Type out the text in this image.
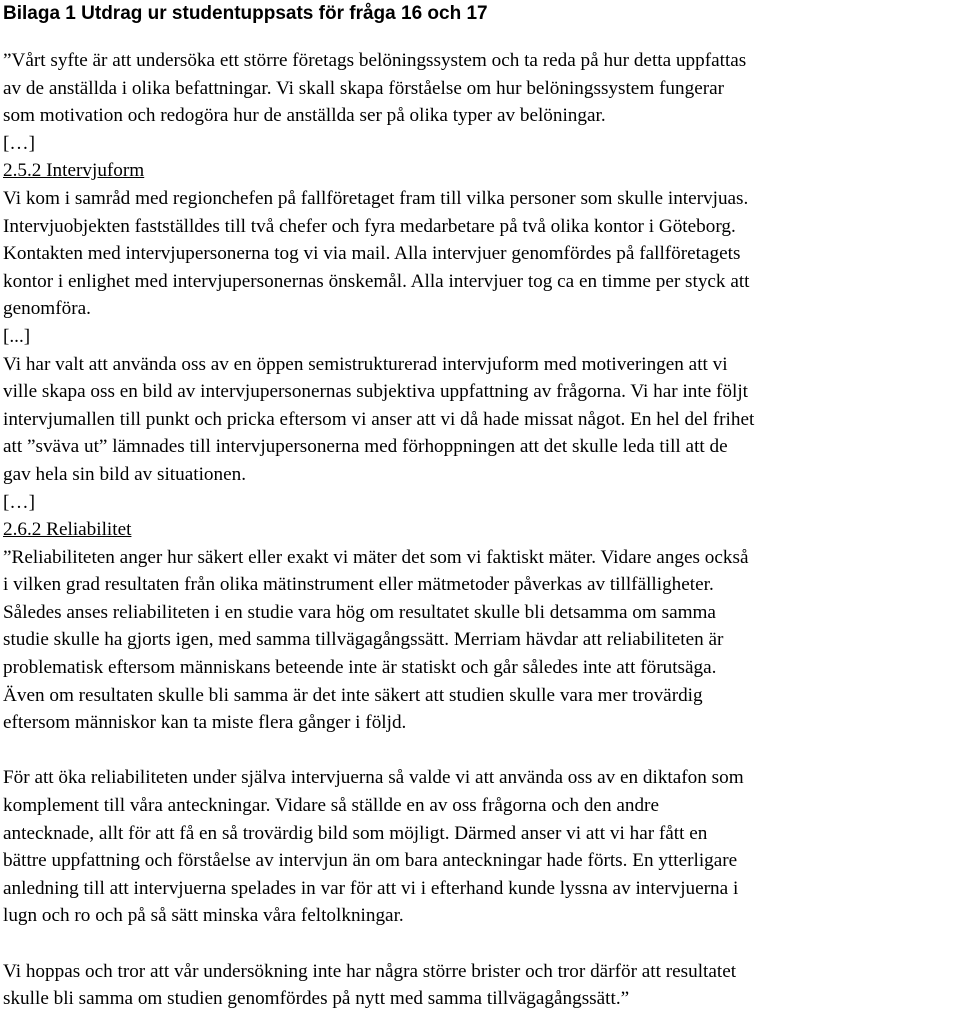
Bilaga 1 Utdrag ur studentuppsats för fråga 16 och 17
”Vårt syfte är att undersöka ett större företags belöningssystem och ta reda på hur detta uppfattas
av de anställda i olika befattningar. Vi skall skapa förståelse om hur belöningssystem fungerar
som motivation och redogöra hur de anställda ser på olika typer av belöningar.
[…]
2.5.2 Intervjuform
Vi kom i samråd med regionchefen på fallföretaget fram till vilka personer som skulle intervjuas.
Intervjuobjekten fastställdes till två chefer och fyra medarbetare på två olika kontor i Göteborg.
Kontakten med intervjupersonerna tog vi via mail. Alla intervjuer genomfördes på fallföretagets
kontor i enlighet med intervjupersonernas önskemål. Alla intervjuer tog ca en timme per styck att
genomföra.
[...]
Vi har valt att använda oss av en öppen semistrukturerad intervjuform med motiveringen att vi
ville skapa oss en bild av intervjupersonernas subjektiva uppfattning av frågorna. Vi har inte följt
intervjumallen till punkt och pricka eftersom vi anser att vi då hade missat något. En hel del frihet
att ”sväva ut” lämnades till intervjupersonerna med förhoppningen att det skulle leda till att de
gav hela sin bild av situationen.
[…]
2.6.2 Reliabilitet
”Reliabiliteten anger hur säkert eller exakt vi mäter det som vi faktiskt mäter. Vidare anges också
i vilken grad resultaten från olika mätinstrument eller mätmetoder påverkas av tillfälligheter.
Således anses reliabiliteten i en studie vara hög om resultatet skulle bli detsamma om samma
studie skulle ha gjorts igen, med samma tillvägagångssätt. Merriam hävdar att reliabiliteten är
problematisk eftersom människans beteende inte är statiskt och går således inte att förutsäga.
Även om resultaten skulle bli samma är det inte säkert att studien skulle vara mer trovärdig
eftersom människor kan ta miste flera gånger i följd.
För att öka reliabiliteten under själva intervjuerna så valde vi att använda oss av en diktafon som
komplement till våra anteckningar. Vidare så ställde en av oss frågorna och den andre
antecknade, allt för att få en så trovärdig bild som möjligt. Därmed anser vi att vi har fått en
bättre uppfattning och förståelse av intervjun än om bara anteckningar hade förts. En ytterligare
anledning till att intervjuerna spelades in var för att vi i efterhand kunde lyssna av intervjuerna i
lugn och ro och på så sätt minska våra feltolkningar.
Vi hoppas och tror att vår undersökning inte har några större brister och tror därför att resultatet
skulle bli samma om studien genomfördes på nytt med samma tillvägagångssätt.”
